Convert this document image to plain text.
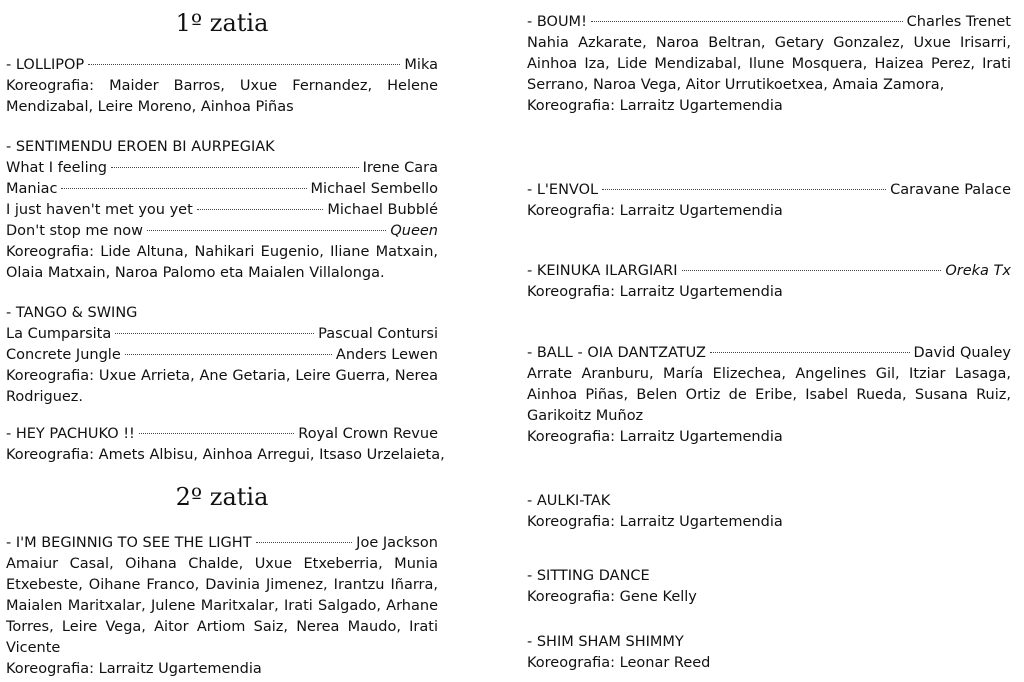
1º zatia
- LOLLIPOP	Mika
Koreografia: Maider Barros, Uxue Fernandez, Helene Mendizabal, Leire Moreno, Ainhoa Piñas
- SENTIMENDU EROEN BI AURPEGIAK
What I feeling	Irene Cara
Maniac	Michael Sembello
I just haven't met you yet	Michael Bubblé
Don't stop me now	Queen
Koreografia: Lide Altuna, Nahikari Eugenio, Iliane Matxain, Olaia Matxain, Naroa Palomo eta Maialen Villalonga.
- TANGO & SWING
La Cumparsita	Pascual Contursi
Concrete Jungle	Anders Lewen
Koreografia: Uxue Arrieta, Ane Getaria, Leire Guerra, Nerea Rodriguez.
- HEY PACHUKO !!	Royal Crown Revue
Koreografia: Amets Albisu, Ainhoa Arregui, Itsaso Urzelaieta,
2º zatia
- I'M BEGINNIG TO SEE THE LIGHT	Joe Jackson
Amaiur Casal, Oihana Chalde, Uxue Etxeberria, Munia Etxebeste, Oihane Franco, Davinia Jimenez, Irantzu Iñarra, Maialen Maritxalar, Julene Maritxalar, Irati Salgado, Arhane Torres, Leire Vega, Aitor Artiom Saiz, Nerea Maudo, Irati Vicente
Koreografia: Larraitz Ugartemendia
- BOUM!	Charles Trenet
Nahia Azkarate, Naroa Beltran, Getary Gonzalez, Uxue Irisarri, Ainhoa Iza, Lide Mendizabal, Ilune Mosquera, Haizea Perez, Irati Serrano, Naroa Vega, Aitor Urrutikoetxea, Amaia Zamora,
Koreografia: Larraitz Ugartemendia
- L'ENVOL	Caravane Palace
Koreografia: Larraitz Ugartemendia
- KEINUKA ILARGIARI	Oreka Tx
Koreografia: Larraitz Ugartemendia
- BALL - OIA DANTZATUZ	David Qualey
Arrate Aranburu, María Elizechea, Angelines Gil, Itziar Lasaga, Ainhoa Piñas, Belen Ortiz de Eribe, Isabel Rueda, Susana Ruiz, Garikoitz Muñoz
Koreografia: Larraitz Ugartemendia
- AULKI-TAK
Koreografia: Larraitz Ugartemendia
- SITTING DANCE
Koreografia: Gene Kelly
- SHIM SHAM SHIMMY
Koreografia: Leonar Reed
